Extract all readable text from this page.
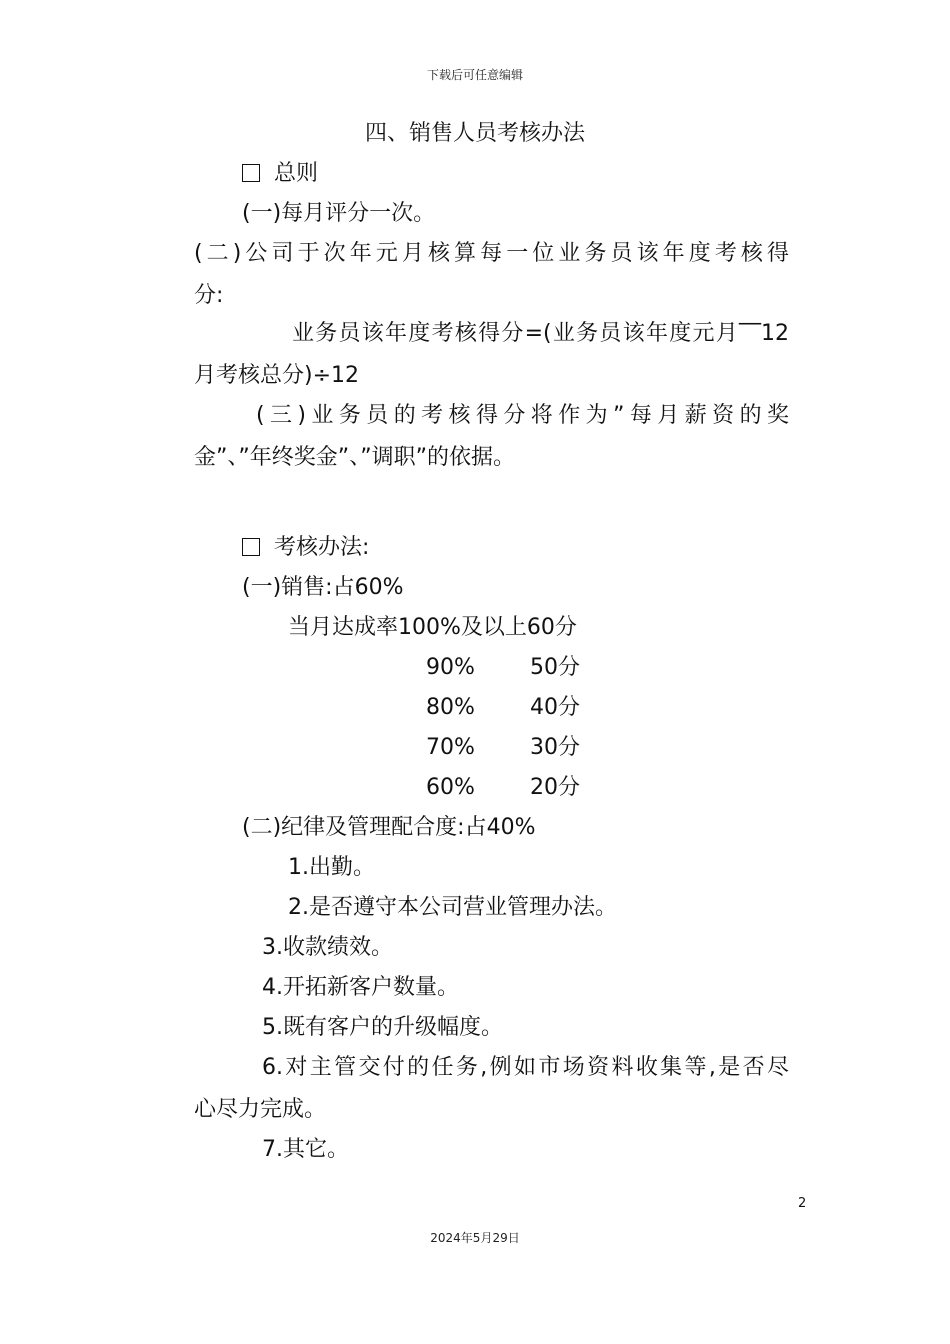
下载后可任意编辑
四、销售人员考核办法
总则
(一)每月评分一次。
(二)公司于次年元月核算每一位业务员该年度考核得
分:
业务员该年度考核得分=(业务员该年度元月‾‾12
月考核总分)÷12
(三)业务员的考核得分将作为”每月薪资的奖
金”、”年终奖金”、”调职”的依据。
考核办法:
(一)销售:占60%
当月达成率100%及以上60分
90%	50分
80%	40分
70%	30分
60%	20分
(二)纪律及管理配合度:占40%
1.出勤。
2.是否遵守本公司营业管理办法。
3.收款绩效。
4.开拓新客户数量。
5.既有客户的升级幅度。
6.对主管交付的任务,例如市场资料收集等,是否尽
心尽力完成。
7.其它。
2
2024年5月29日
